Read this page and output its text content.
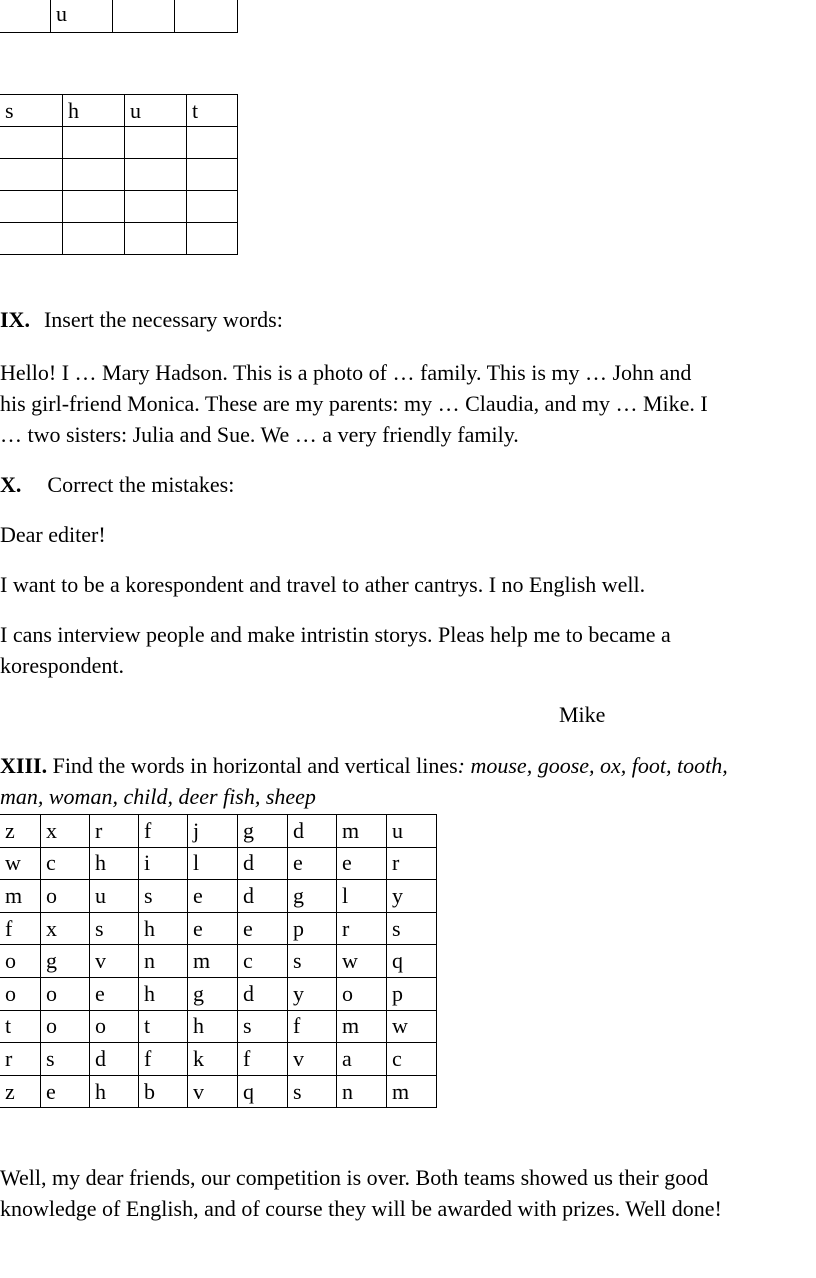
	u		
s	h	u	t

IX. Insert the necessary words:
Hello! I … Mary Hadson. This is a photo of … family. This is my … John and
his girl-friend Monica. These are my parents: my … Claudia, and my … Mike. I
… two sisters: Julia and Sue. We … a very friendly family.
X. Correct the mistakes:
Dear editer!
I want to be a korespondent and travel to ather cantrys. I no English well.
I cans interview people and make intristin storys. Pleas help me to became a
korespondent.
Mike
XIII. Find the words in horizontal and vertical lines: mouse, goose, ox, foot, tooth,
man, woman, child, deer fish, sheep
z	x	r	f	j	g	d	m	u
w	c	h	i	l	d	e	e	r
m	o	u	s	e	d	g	l	y
f	x	s	h	e	e	p	r	s
o	g	v	n	m	c	s	w	q
o	o	e	h	g	d	y	o	p
t	o	o	t	h	s	f	m	w
r	s	d	f	k	f	v	a	c
z	e	h	b	v	q	s	n	m
Well, my dear friends, our competition is over. Both teams showed us their good
knowledge of English, and of course they will be awarded with prizes. Well done!
